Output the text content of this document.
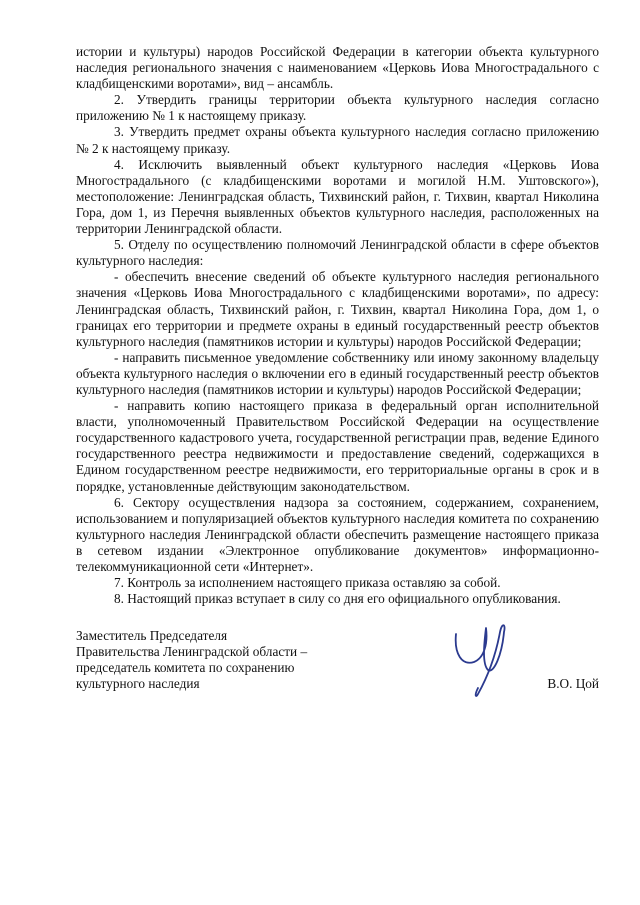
истории и культуры) народов Российской Федерации в категории объекта культурного наследия регионального значения с наименованием «Церковь Иова Многострадального с кладбищенскими воротами», вид – ансамбль.

2. Утвердить границы территории объекта культурного наследия согласно приложению № 1 к настоящему приказу.

3. Утвердить предмет охраны объекта культурного наследия согласно приложению № 2 к настоящему приказу.

4. Исключить выявленный объект культурного наследия «Церковь Иова Многострадального (с кладбищенскими воротами и могилой Н.М. Уштовского»), местоположение: Ленинградская область, Тихвинский район, г. Тихвин, квартал Николина Гора, дом 1, из Перечня выявленных объектов культурного наследия, расположенных на территории Ленинградской области.

5. Отделу по осуществлению полномочий Ленинградской области в сфере объектов культурного наследия:

- обеспечить внесение сведений об объекте культурного наследия регионального значения «Церковь Иова Многострадального с кладбищенскими воротами», по адресу: Ленинградская область, Тихвинский район, г. Тихвин, квартал Николина Гора, дом 1, о границах его территории и предмете охраны в единый государственный реестр объектов культурного наследия (памятников истории и культуры) народов Российской Федерации;

- направить письменное уведомление собственнику или иному законному владельцу объекта культурного наследия о включении его в единый государственный реестр объектов культурного наследия (памятников истории и культуры) народов Российской Федерации;

- направить копию настоящего приказа в федеральный орган исполнительной власти, уполномоченный Правительством Российской Федерации на осуществление государственного кадастрового учета, государственной регистрации прав, ведение Единого государственного реестра недвижимости и предоставление сведений, содержащихся в Едином государственном реестре недвижимости, его территориальные органы в срок и в порядке, установленные действующим законодательством.

6. Сектору осуществления надзора за состоянием, содержанием, сохранением, использованием и популяризацией объектов культурного наследия комитета по сохранению культурного наследия Ленинградской области обеспечить размещение настоящего приказа в сетевом издании «Электронное опубликование документов» информационно-телекоммуникационной сети «Интернет».

7. Контроль за исполнением настоящего приказа оставляю за собой.

8. Настоящий приказ вступает в силу со дня его официального опубликования.

Заместитель Председателя
Правительства Ленинградской области –
председатель комитета по сохранению
культурного наследия	В.О. Цой
